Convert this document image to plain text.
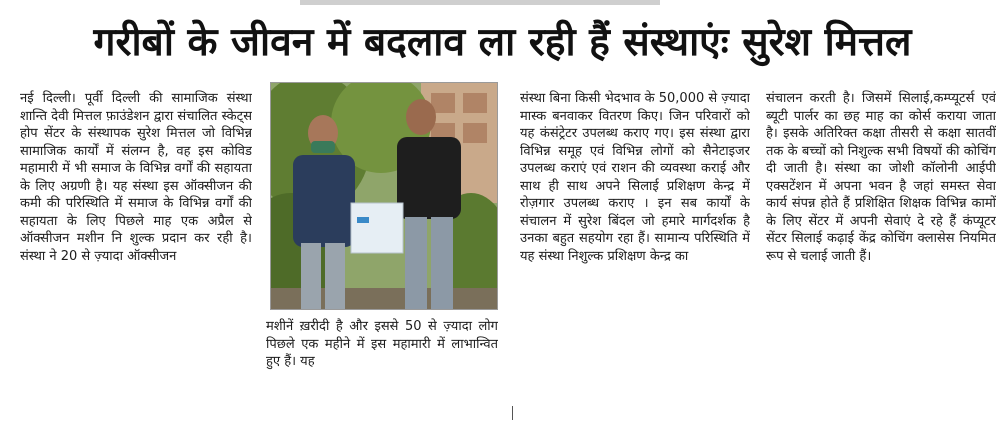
गरीबों के जीवन में बदलाव ला रही हैं संस्थाएंः सुरेश मित्तल

नई दिल्ली। पूर्वी दिल्ली की सामाजिक संस्था शान्ति देवी मित्तल फ़ाउंडेशन द्वारा संचालित स्केट्स होप सेंटर के संस्थापक सुरेश मित्तल जो विभिन्न सामाजिक कार्यों में संलग्न है, वह इस कोविड महामारी में भी समाज के विभिन्न वर्गों की सहायता के लिए अग्रणी है। यह संस्था इस ऑक्सीजन की कमी की परिस्थिति में समाज के विभिन्न वर्गों की सहायता के लिए पिछले माह एक अप्रैल से ऑक्सीजन मशीन नि शुल्क प्रदान कर रही है। संस्था ने 20 से ज़्यादा ऑक्सीजन

मशीनें ख़रीदी है और इससे 50 से ज़्यादा लोग पिछले एक महीने में इस महामारी में लाभान्वित हुए हैं। यह

संस्था बिना किसी भेदभाव के 50,000 से ज़्यादा मास्क बनवाकर वितरण किए। जिन परिवारों को यह कंसंट्रेटर उपलब्ध कराए गए। इस संस्था द्वारा विभिन्न समूह एवं विभिन्न लोगों को सैनेटाइजर उपलब्ध कराएं एवं राशन की व्यवस्था कराई और साथ ही साथ अपने सिलाई प्रशिक्षण केन्द्र में रोज़गार उपलब्ध कराए । इन सब कार्यों के संचालन में सुरेश बिंदल जो हमारे मार्गदर्शक है उनका बहुत सहयोग रहा हैं। सामान्य परिस्थिति में यह संस्था निशुल्क प्रशिक्षण केन्द्र का

संचालन करती है। जिसमें सिलाई,कम्प्यूटर्स एवं ब्यूटी पार्लर का छह माह का कोर्स कराया जाता है। इसके अतिरिक्त कक्षा तीसरी से कक्षा सातवीं तक के बच्चों को निशुल्क सभी विषयों की कोचिंग दी जाती है। संस्था का जोशी कॉलोनी आईपी एक्सटेंशन में अपना भवन है जहां समस्त सेवा कार्य संपन्न होते हैं प्रशिक्षित शिक्षक विभिन्न कामों के लिए सेंटर में अपनी सेवाएं दे रहे हैं कंप्यूटर सेंटर सिलाई कढ़ाई केंद्र कोचिंग क्लासेस नियमित रूप से चलाई जाती हैं।
